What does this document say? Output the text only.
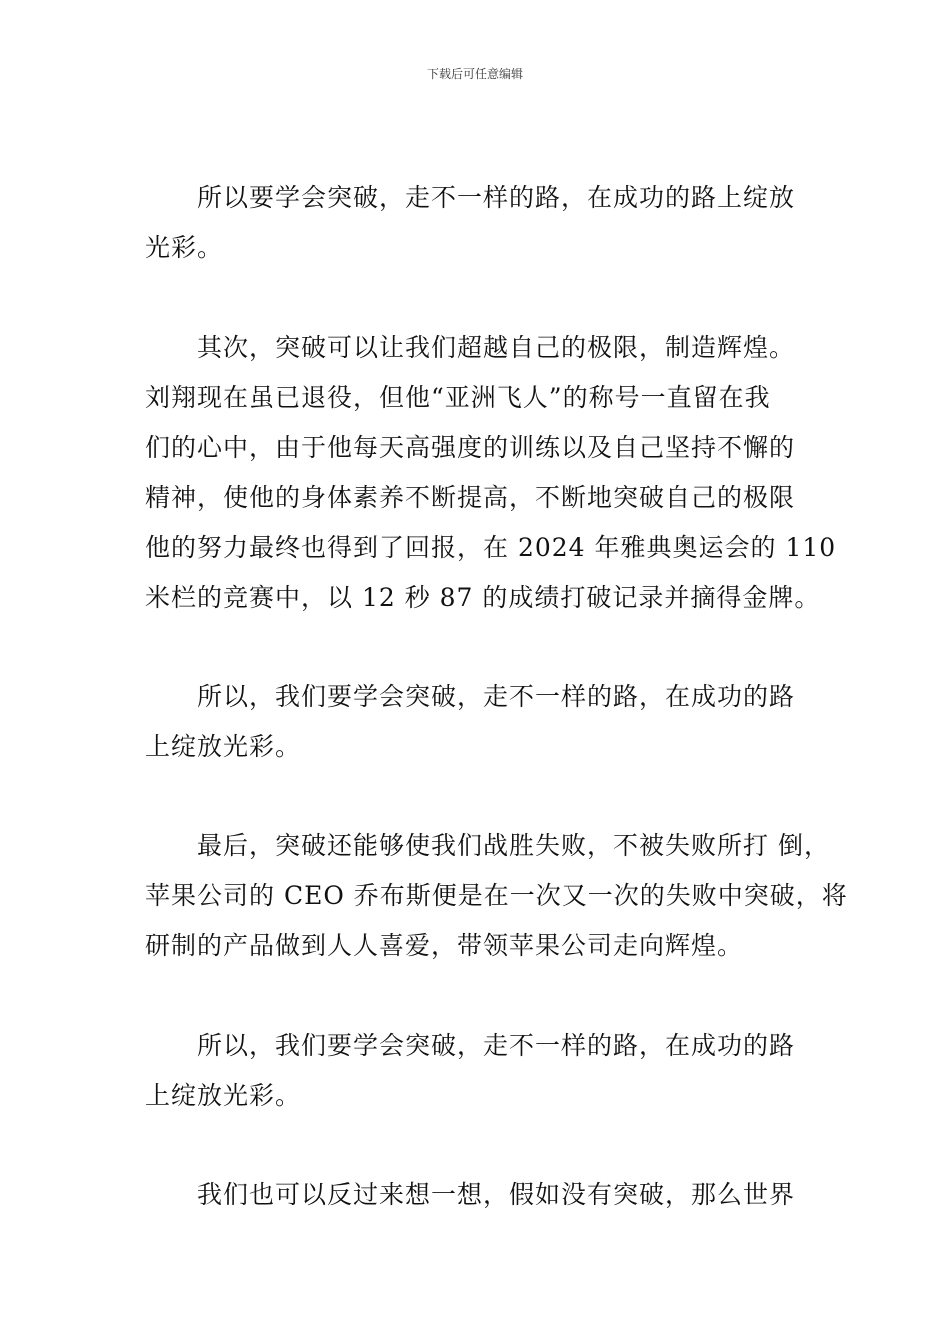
下载后可任意编辑
所以要学会突破，走不一样的路，在成功的路上绽放
光彩。
其次，突破可以让我们超越自己的极限，制造辉煌。
刘翔现在虽已退役，但他“亚洲飞人”的称号一直留在我
们的心中，由于他每天高强度的训练以及自己坚持不懈的
精神，使他的身体素养不断提高，不断地突破自己的极限
他的努力最终也得到了回报，在 2024 年雅典奥运会的 110
米栏的竞赛中，以 12 秒 87 的成绩打破记录并摘得金牌。
所以，我们要学会突破，走不一样的路，在成功的路
上绽放光彩。
最后，突破还能够使我们战胜失败，不被失败所打 倒，
苹果公司的 CEO 乔布斯便是在一次又一次的失败中突破，将
研制的产品做到人人喜爱，带领苹果公司走向辉煌。
所以，我们要学会突破，走不一样的路，在成功的路
上绽放光彩。
我们也可以反过来想一想，假如没有突破，那么世界
